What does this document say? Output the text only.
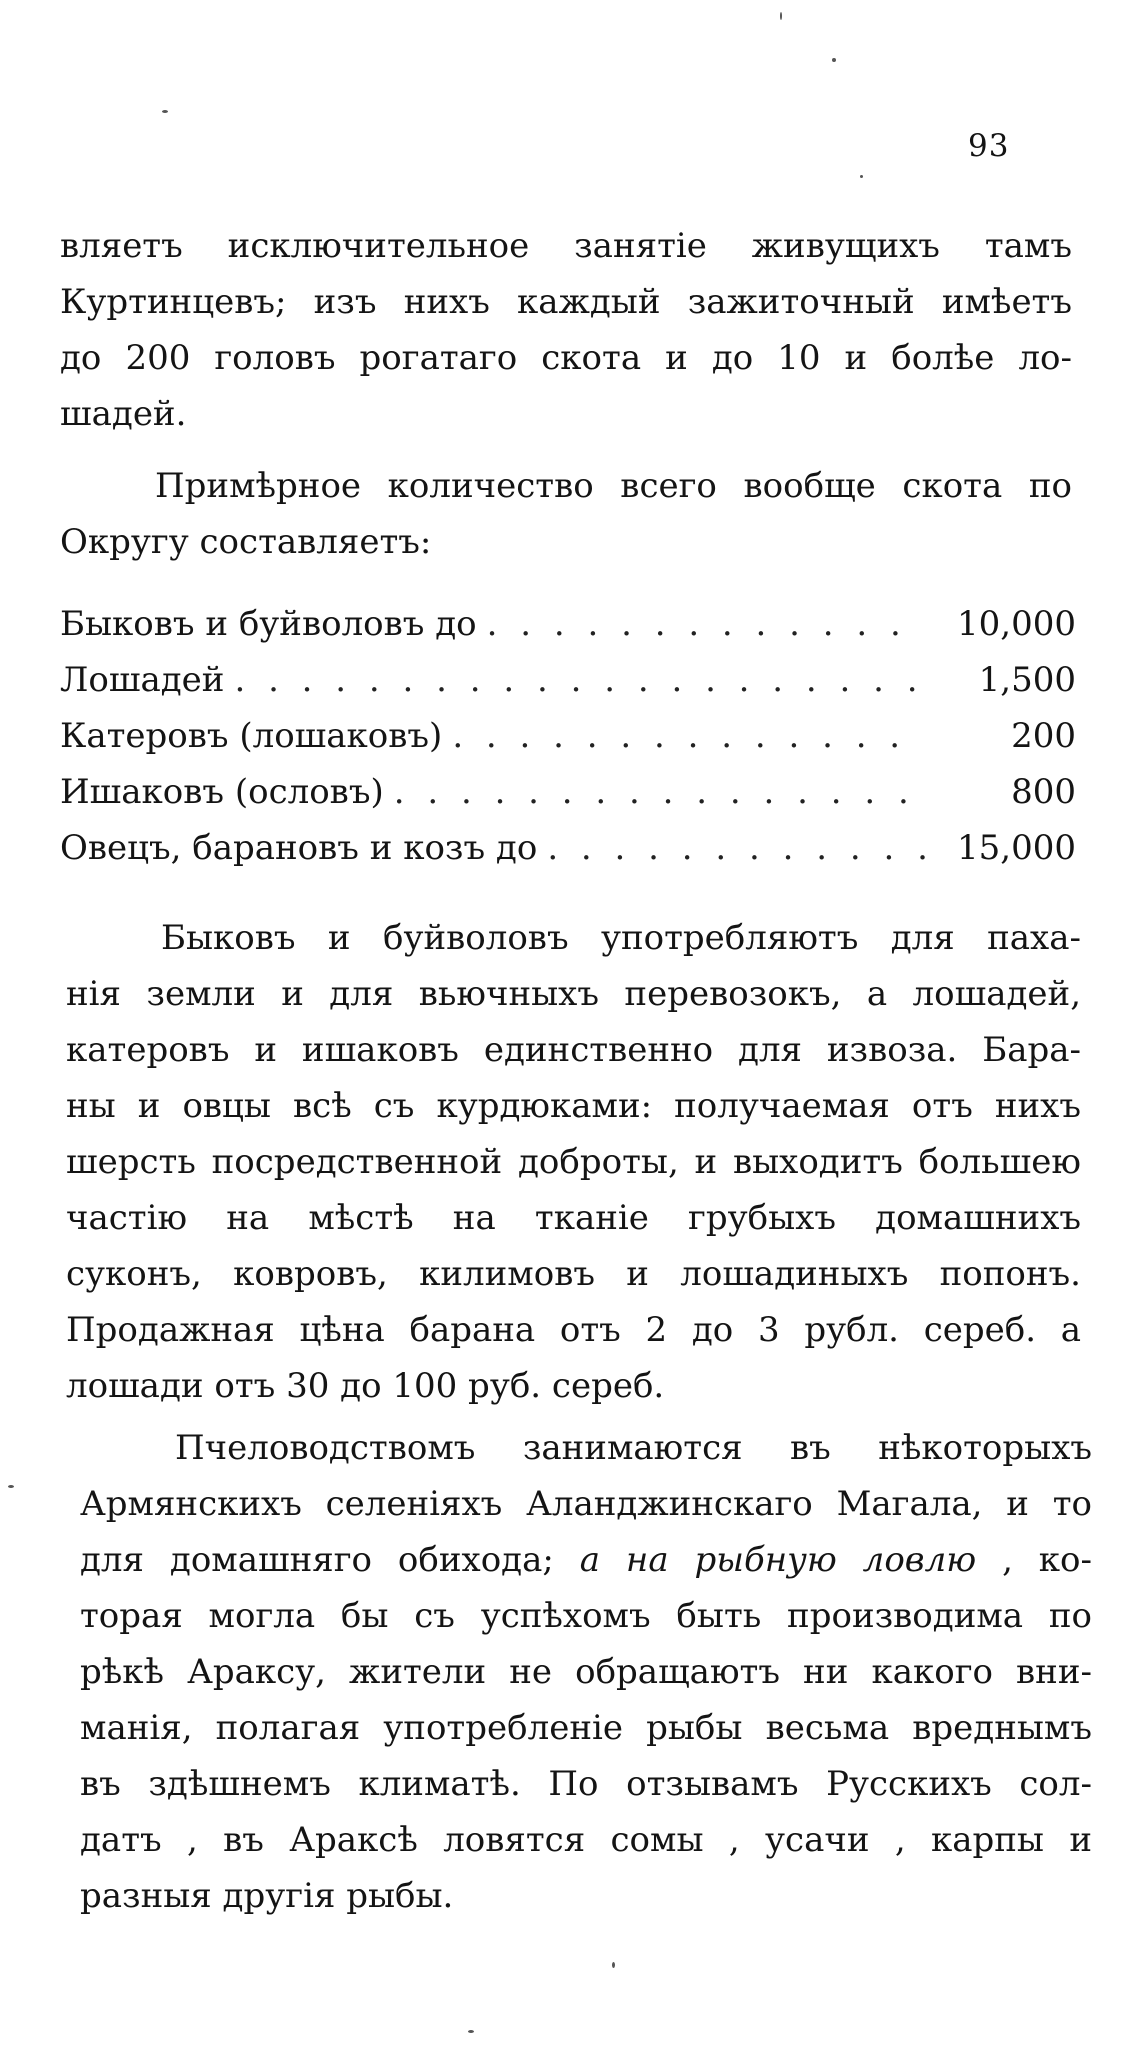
93
вляетъ исключительное занятіе живущихъ тамъ
Куртинцевъ; изъ нихъ каждый зажиточный имѣетъ
до 200 головъ рогатаго скота и до 10 и болѣе ло-
шадей.
Примѣрное количество всего вообще скота по
Округу составляетъ:
Быковъ и буйволовъ до . . .	10,000
Лошадей . . .	1,500
Катеровъ (лошаковъ) . . .	200
Ишаковъ (ословъ) . . .	800
Овецъ, барановъ и козъ до . . .	15,000
Быковъ и буйволовъ употребляютъ для паха-
нія земли и для вьючныхъ перевозокъ, а лошадей,
катеровъ и ишаковъ единственно для извоза. Бара-
ны и овцы всѣ съ курдюками: получаемая отъ нихъ
шерсть посредственной доброты, и выходитъ большею
частію на мѣстѣ на тканіе грубыхъ домашнихъ
суконъ, ковровъ, килимовъ и лошадиныхъ попонъ.
Продажная цѣна барана отъ 2 до 3 рубл. сереб. а
лошади отъ 30 до 100 руб. сереб.
Пчеловодствомъ занимаются въ нѣкоторыхъ
Армянскихъ селеніяхъ Аланджинскаго Магала, и то
для домашняго обихода; а на рыбную ловлю , ко-
торая могла бы съ успѣхомъ быть производима по
рѣкѣ Араксу, жители не обращаютъ ни какого вни-
манія, полагая употребленіе рыбы весьма вреднымъ
въ здѣшнемъ климатѣ. По отзывамъ Русскихъ сол-
датъ , въ Араксѣ ловятся сомы , усачи , карпы и
разныя другія рыбы.
